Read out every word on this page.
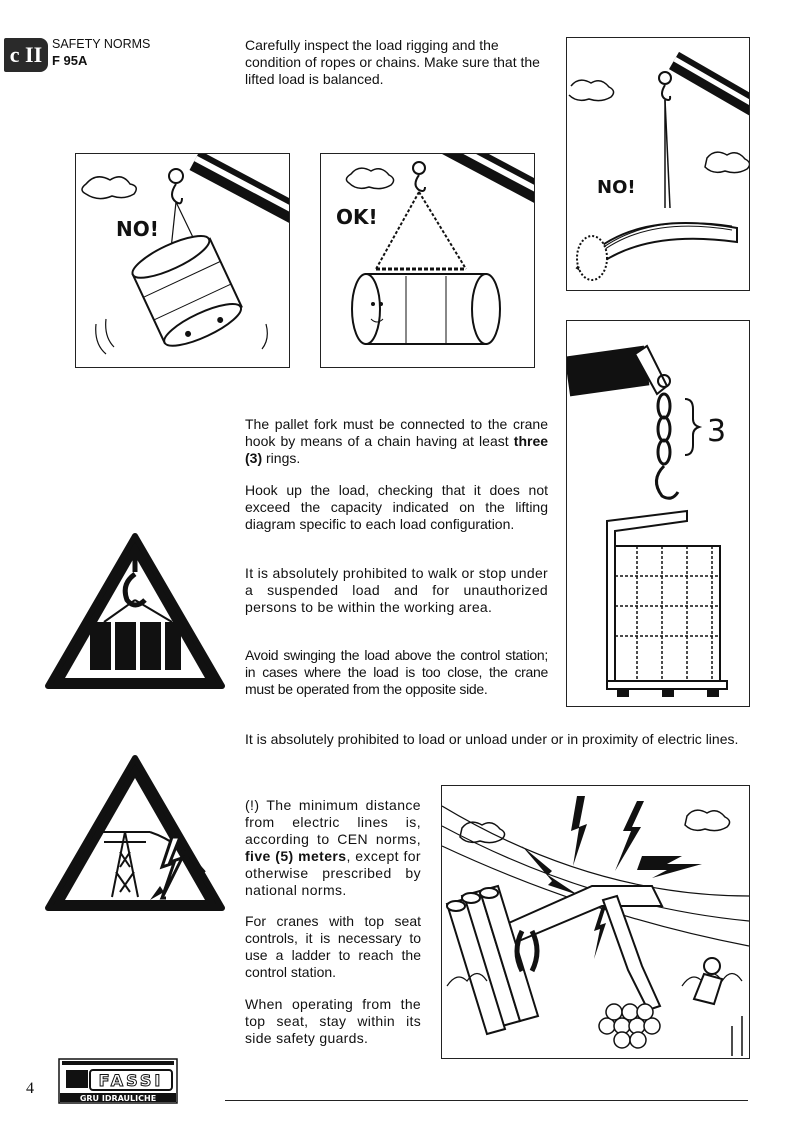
c II SAFETY NORMS
F 95A
Carefully inspect the load rigging and the condition of ropes or chains. Make sure that the lifted load is balanced.
NO!	OK!
NO!
3
The pallet fork must be connected to the crane hook by means of a chain having at least three (3) rings.
Hook up the load, checking that it does not exceed the capacity indicated on the lifting diagram specific to each load configuration.
It is absolutely prohibited to walk or stop under a suspended load and for unauthorized persons to be within the working area.
Avoid swinging the load above the control station; in cases where the load is too close, the crane must be operated from the opposite side.
It is absolutely prohibited to load or unload under or in proximity of electric lines.
(!) The minimum distance from electric lines is, according to CEN norms, five (5) meters, except for otherwise prescribed by national norms.
For cranes with top seat controls, it is necessary to use a ladder to reach the control station.
When operating from the top seat, stay within its side safety guards.
4	FASSI
GRU IDRAULICHE
